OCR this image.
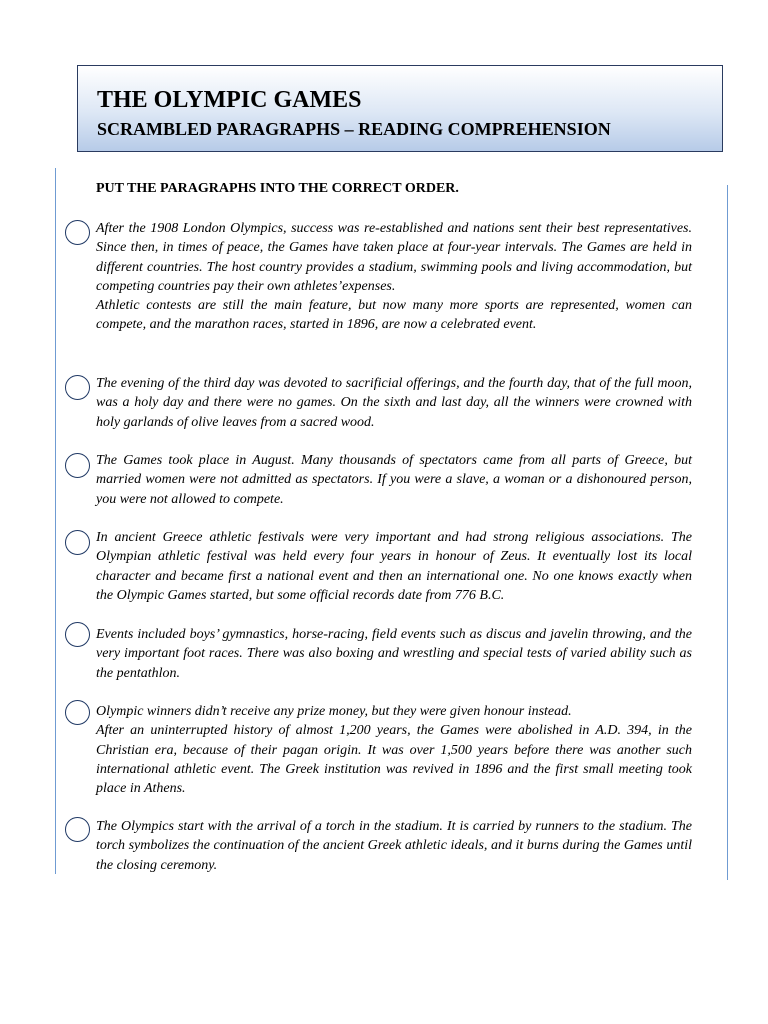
THE OLYMPIC GAMES
SCRAMBLED PARAGRAPHS – READING COMPREHENSION
PUT THE PARAGRAPHS INTO THE CORRECT ORDER.

After the 1908 London Olympics, success was re-established and nations sent their best representatives. Since then, in times of peace, the Games have taken place at four-year intervals. The Games are held in different countries. The host country provides a stadium, swimming pools and living accommodation, but competing countries pay their own athletes’expenses.

Athletic contests are still the main feature, but now many more sports are represented, women can compete, and the marathon races, started in 1896, are now a celebrated event.

The evening of the third day was devoted to sacrificial offerings, and the fourth day, that of the full moon, was a holy day and there were no games. On the sixth and last day, all the winners were crowned with holy garlands of olive leaves from a sacred wood.

The Games took place in August. Many thousands of spectators came from all parts of Greece, but married women were not admitted as spectators. If you were a slave, a woman or a dishonoured person, you were not allowed to compete.

In ancient Greece athletic festivals were very important and had strong religious associations. The Olympian athletic festival was held every four years in honour of Zeus. It eventually lost its local character and became first a national event and then an international one. No one knows exactly when the Olympic Games started, but some official records date from 776 B.C.

Events included boys’ gymnastics, horse-racing, field events such as discus and javelin throwing, and the very important foot races. There was also boxing and wrestling and special tests of varied ability such as the pentathlon.

Olympic winners didn’t receive any prize money, but they were given honour instead.

After an uninterrupted history of almost 1,200 years, the Games were abolished in A.D. 394, in the Christian era, because of their pagan origin. It was over 1,500 years before there was another such international athletic event. The Greek institution was revived in 1896 and the first small meeting took place in Athens.

The Olympics start with the arrival of a torch in the stadium. It is carried by runners to the stadium. The torch symbolizes the continuation of the ancient Greek athletic ideals, and it burns during the Games until the closing ceremony.
